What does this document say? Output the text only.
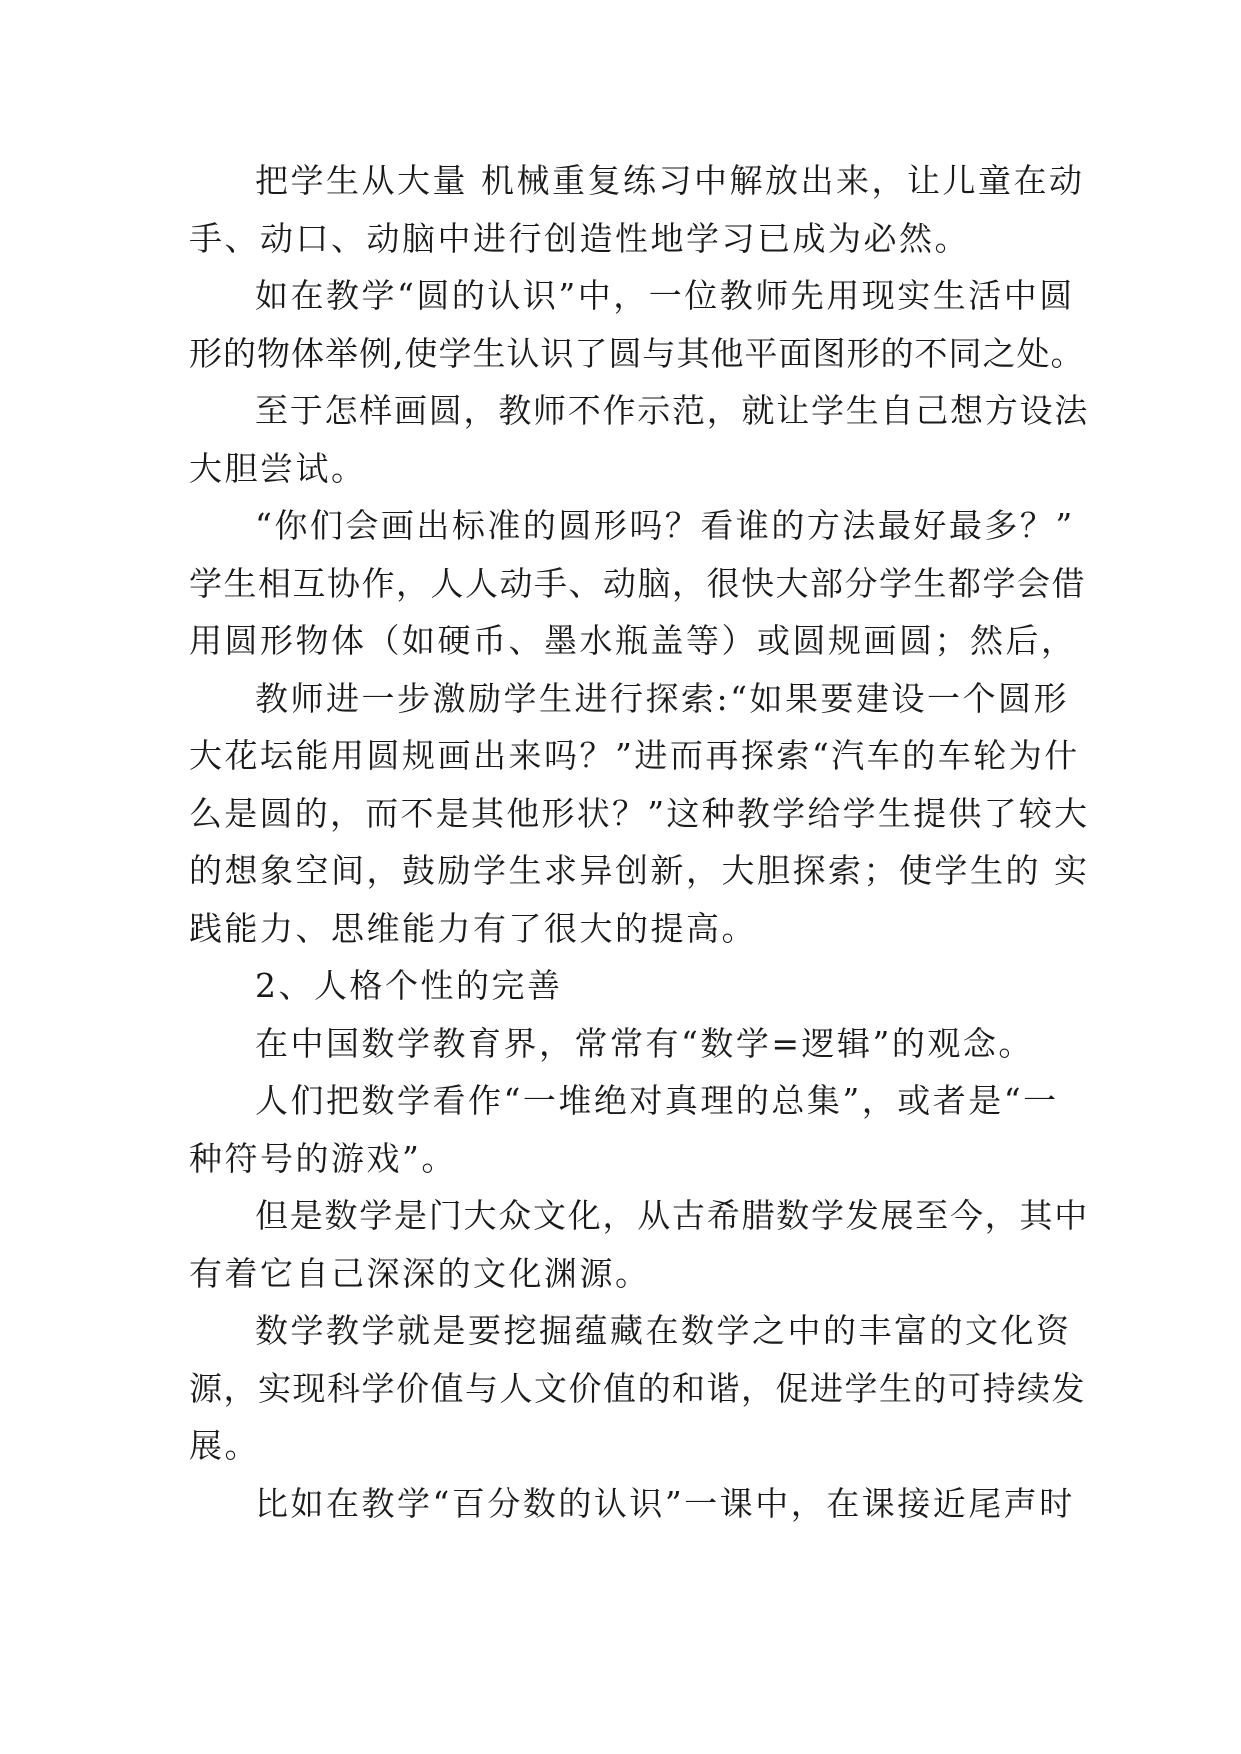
把学生从大量 机械重复练习中解放出来，让儿童在动
手、动口、动脑中进行创造性地学习已成为必然。
如在教学“圆的认识”中，一位教师先用现实生活中圆
形的物体举例,使学生认识了圆与其他平面图形的不同之处。
至于怎样画圆，教师不作示范，就让学生自己想方设法
大胆尝试。
“你们会画出标准的圆形吗？看谁的方法最好最多？”
学生相互协作，人人动手、动脑，很快大部分学生都学会借
用圆形物体（如硬币、墨水瓶盖等）或圆规画圆；然后，
教师进一步激励学生进行探索:“如果要建设一个圆形
大花坛能用圆规画出来吗？”进而再探索“汽车的车轮为什
么是圆的，而不是其他形状？”这种教学给学生提供了较大
的想象空间，鼓励学生求异创新，大胆探索；使学生的 实
践能力、思维能力有了很大的提高。
2、人格个性的完善
在中国数学教育界，常常有“数学=逻辑”的观念。
人们把数学看作“一堆绝对真理的总集”，或者是“一
种符号的游戏”。
但是数学是门大众文化，从古希腊数学发展至今，其中
有着它自己深深的文化渊源。
数学教学就是要挖掘蕴藏在数学之中的丰富的文化资
源，实现科学价值与人文价值的和谐，促进学生的可持续发
展。
比如在教学“百分数的认识”一课中，在课接近尾声时
